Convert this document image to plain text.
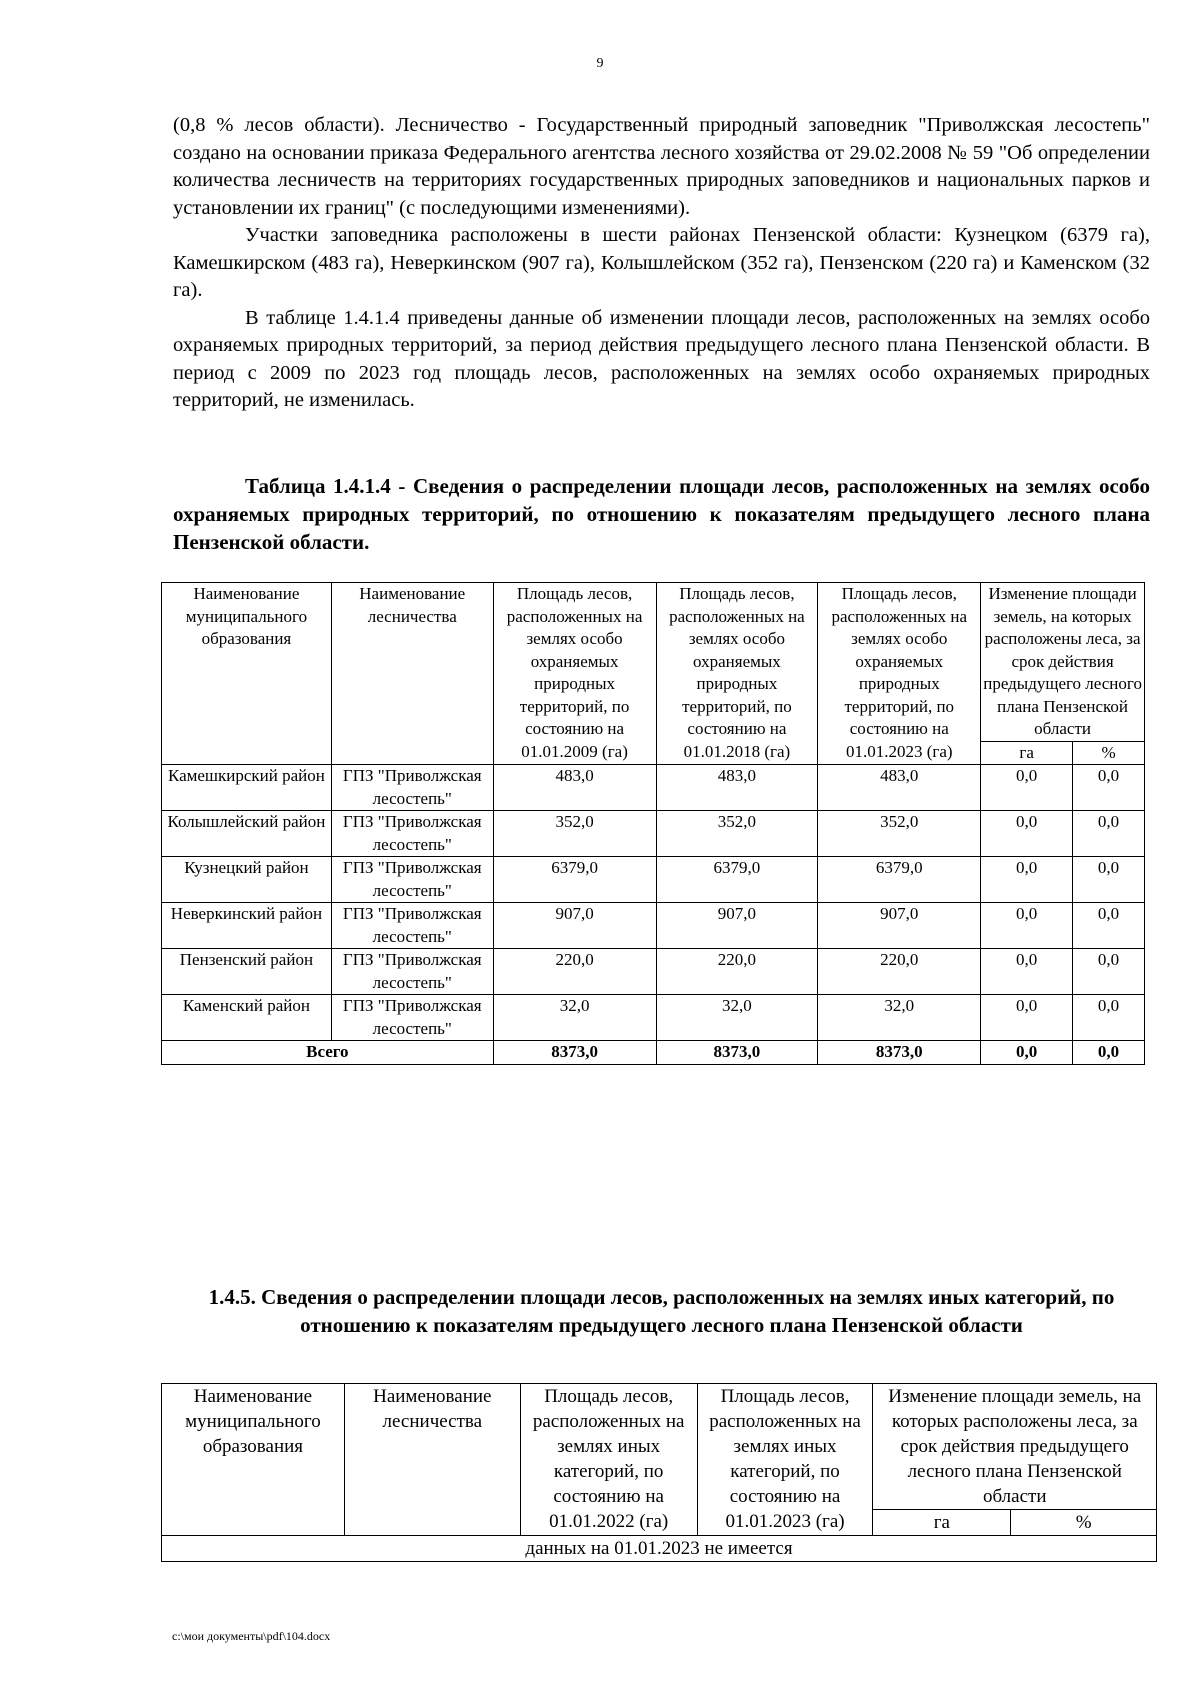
9

(0,8 % лесов области). Лесничество - Государственный природный заповедник "Приволжская лесостепь" создано на основании приказа Федерального агентства лесного хозяйства от 29.02.2008 № 59 "Об определении количества лесничеств на территориях государственных природных заповедников и национальных парков и установлении их границ" (с последующими изменениями).

Участки заповедника расположены в шести районах Пензенской области: Кузнецком (6379 га), Камешкирском (483 га), Неверкинском (907 га), Колышлейском (352 га), Пензенском (220 га) и Каменском (32 га).

В таблице 1.4.1.4 приведены данные об изменении площади лесов, расположенных на землях особо охраняемых природных территорий, за период действия предыдущего лесного плана Пензенской области. В период с 2009 по 2023 год площадь лесов, расположенных на землях особо охраняемых природных территорий, не изменилась.

Таблица 1.4.1.4 - Сведения о распределении площади лесов, расположенных на землях особо охраняемых природных территорий, по отношению к показателям предыдущего лесного плана Пензенской области.
Наименование муниципального образования	Наименование лесничества	Площадь лесов, расположенных на землях особо охраняемых природных территорий, по состоянию на 01.01.2009 (га)	Площадь лесов, расположенных на землях особо охраняемых природных территорий, по состоянию на 01.01.2018 (га)	Площадь лесов, расположенных на землях особо охраняемых природных территорий, по состоянию на 01.01.2023 (га)	Изменение площади земель, на которых расположены леса, за срок действия предыдущего лесного плана Пензенской области	
					га	%
Камешкирский район	ГПЗ "Приволжская лесостепь"	483,0	483,0	483,0	0,0	0,0
Колышлейский район	ГПЗ "Приволжская лесостепь"	352,0	352,0	352,0	0,0	0,0
Кузнецкий район	ГПЗ "Приволжская лесостепь"	6379,0	6379,0	6379,0	0,0	0,0
Неверкинский район	ГПЗ "Приволжская лесостепь"	907,0	907,0	907,0	0,0	0,0
Пензенский район	ГПЗ "Приволжская лесостепь"	220,0	220,0	220,0	0,0	0,0
Каменский район	ГПЗ "Приволжская лесостепь"	32,0	32,0	32,0	0,0	0,0
Всего		8373,0	8373,0	8373,0	0,0	0,0
1.4.5. Сведения о распределении площади лесов, расположенных на землях иных категорий, по отношению к показателям предыдущего лесного плана Пензенской области
Наименование муниципального образования	Наименование лесничества	Площадь лесов, расположенных на землях иных категорий, по состоянию на 01.01.2022 (га)	Площадь лесов, расположенных на землях иных категорий, по состоянию на 01.01.2023 (га)	Изменение площади земель, на которых расположены леса, за срок действия предыдущего лесного плана Пензенской области	
				га	%
данных на 01.01.2023 не имеется					
c:\мои документы\pdf\104.docx
